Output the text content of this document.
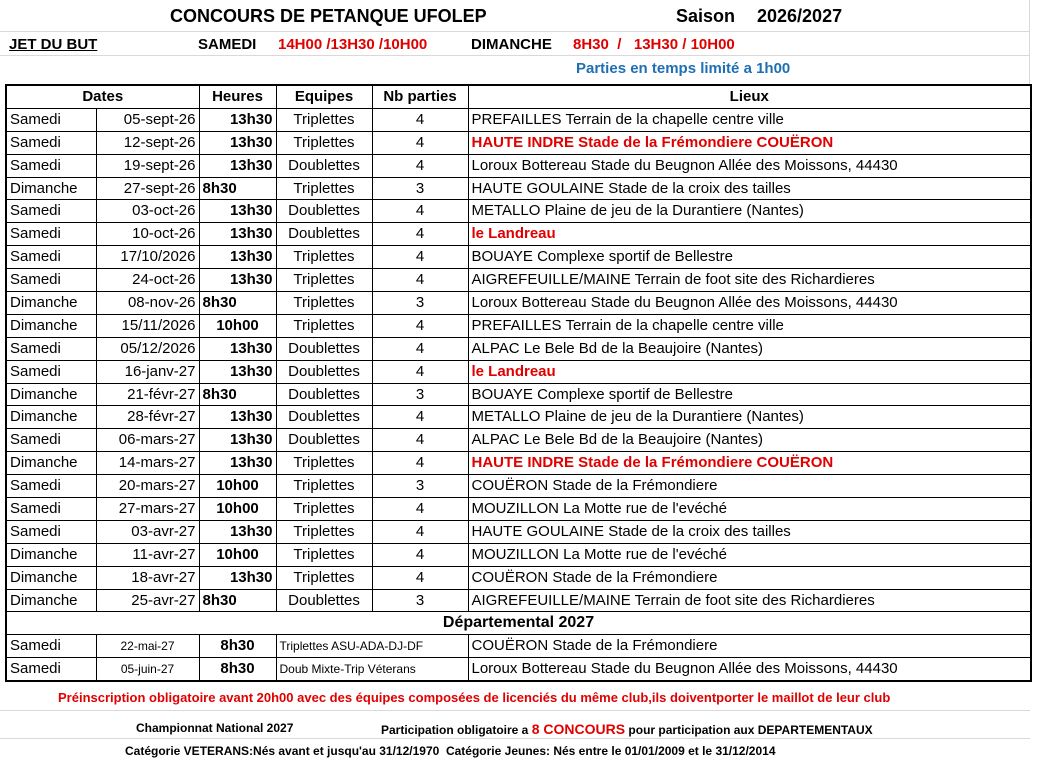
CONCOURS DE PETANQUE UFOLEP	Saison 2026/2027
JET DU BUT	SAMEDI 14H00 /13H30 /10H00	DIMANCHE 8H30  /   13H30 / 10H00
Parties en temps limité a 1h00
Dates		Heures	Equipes	Nb parties	Lieux
Samedi	05-sept-26	13h30	Triplettes	4	PREFAILLES Terrain de la chapelle centre ville
Samedi	12-sept-26	13h30	Triplettes	4	HAUTE INDRE Stade de la Frémondiere COUËRON
Samedi	19-sept-26	13h30	Doublettes	4	Loroux Bottereau Stade du Beugnon Allée des Moissons, 44430
Dimanche	27-sept-26	8h30	Triplettes	3	HAUTE GOULAINE Stade de la croix des tailles
Samedi	03-oct-26	13h30	Doublettes	4	METALLO Plaine de jeu de la Durantiere (Nantes)
Samedi	10-oct-26	13h30	Doublettes	4	le Landreau
Samedi	17/10/2026	13h30	Triplettes	4	BOUAYE Complexe sportif de Bellestre
Samedi	24-oct-26	13h30	Triplettes	4	AIGREFEUILLE/MAINE Terrain de foot site des Richardieres
Dimanche	08-nov-26	8h30	Triplettes	3	Loroux Bottereau Stade du Beugnon Allée des Moissons, 44430
Dimanche	15/11/2026	10h00	Triplettes	4	PREFAILLES Terrain de la chapelle centre ville
Samedi	05/12/2026	13h30	Doublettes	4	ALPAC Le Bele Bd de la Beaujoire (Nantes)
Samedi	16-janv-27	13h30	Doublettes	4	le Landreau
Dimanche	21-févr-27	8h30	Doublettes	3	BOUAYE Complexe sportif de Bellestre
Dimanche	28-févr-27	13h30	Doublettes	4	METALLO Plaine de jeu de la Durantiere (Nantes)
Samedi	06-mars-27	13h30	Doublettes	4	ALPAC Le Bele Bd de la Beaujoire (Nantes)
Dimanche	14-mars-27	13h30	Triplettes	4	HAUTE INDRE Stade de la Frémondiere COUËRON
Samedi	20-mars-27	10h00	Triplettes	3	COUËRON Stade de la Frémondiere
Samedi	27-mars-27	10h00	Triplettes	4	MOUZILLON La Motte rue de l'evéché
Samedi	03-avr-27	13h30	Triplettes	4	HAUTE GOULAINE Stade de la croix des tailles
Dimanche	11-avr-27	10h00	Triplettes	4	MOUZILLON La Motte rue de l'evéché
Dimanche	18-avr-27	13h30	Triplettes	4	COUËRON Stade de la Frémondiere
Dimanche	25-avr-27	8h30	Doublettes	3	AIGREFEUILLE/MAINE Terrain de foot site des Richardieres
Départemental 2027					
Samedi	22-mai-27	8h30	Triplettes ASU-ADA-DJ-DF		COUËRON Stade de la Frémondiere
Samedi	05-juin-27	8h30	Doub Mixte-Trip Véterans		Loroux Bottereau Stade du Beugnon Allée des Moissons, 44430
Préinscription obligatoire avant 20h00 avec des équipes composées de licenciés du même club,ils doiventporter le maillot de leur club
Championnat National 2027	Participation obligatoire a 8 CONCOURS pour participation aux DEPARTEMENTAUX
Catégorie VETERANS:Nés avant et jusqu'au 31/12/1970  Catégorie Jeunes: Nés entre le 01/01/2009 et le 31/12/2014
